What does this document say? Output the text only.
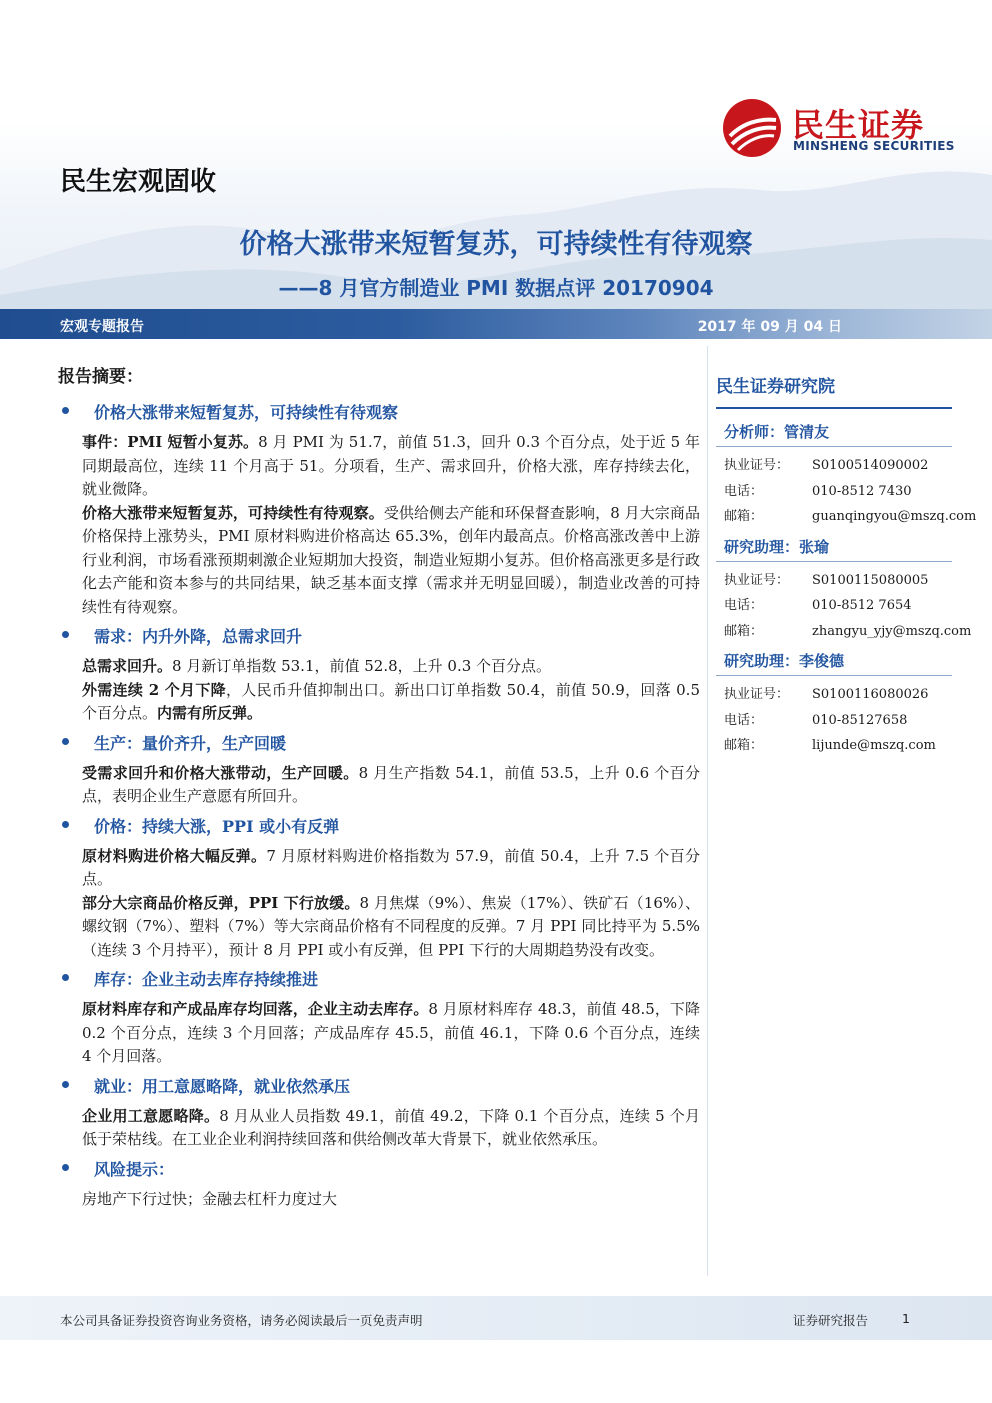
民生证券
MINSHENG SECURITIES
民生宏观固收
价格大涨带来短暂复苏，可持续性有待观察
——8 月官方制造业 PMI 数据点评 20170904
宏观专题报告	2017 年 09 月 04 日
报告摘要：
价格大涨带来短暂复苏，可持续性有待观察

事件：PMI 短暂小复苏。8 月 PMI 为 51.7，前值 51.3，回升 0.3 个百分点，处于近 5 年同期最高位，连续 11 个月高于 51。分项看，生产、需求回升，价格大涨，库存持续去化，就业微降。

价格大涨带来短暂复苏，可持续性有待观察。受供给侧去产能和环保督查影响，8 月大宗商品价格保持上涨势头，PMI 原材料购进价格高达 65.3%，创年内最高点。价格高涨改善中上游行业利润，市场看涨预期刺激企业短期加大投资，制造业短期小复苏。但价格高涨更多是行政化去产能和资本参与的共同结果，缺乏基本面支撑（需求并无明显回暖），制造业改善的可持续性有待观察。

需求：内升外降，总需求回升

总需求回升。8 月新订单指数 53.1，前值 52.8，上升 0.3 个百分点。

外需连续 2 个月下降，人民币升值抑制出口。新出口订单指数 50.4，前值 50.9，回落 0.5 个百分点。内需有所反弹。

生产：量价齐升，生产回暖

受需求回升和价格大涨带动，生产回暖。8 月生产指数 54.1，前值 53.5，上升 0.6 个百分点，表明企业生产意愿有所回升。

价格：持续大涨，PPI 或小有反弹

原材料购进价格大幅反弹。7 月原材料购进价格指数为 57.9，前值 50.4，上升 7.5 个百分点。

部分大宗商品价格反弹，PPI 下行放缓。8 月焦煤（9%）、焦炭（17%）、铁矿石（16%）、螺纹钢（7%）、塑料（7%）等大宗商品价格有不同程度的反弹。7 月 PPI 同比持平为 5.5%（连续 3 个月持平），预计 8 月 PPI 或小有反弹，但 PPI 下行的大周期趋势没有改变。

库存：企业主动去库存持续推进

原材料库存和产成品库存均回落，企业主动去库存。8 月原材料库存 48.3，前值 48.5，下降 0.2 个百分点，连续 3 个月回落；产成品库存 45.5，前值 46.1，下降 0.6 个百分点，连续 4 个月回落。

就业：用工意愿略降，就业依然承压

企业用工意愿略降。8 月从业人员指数 49.1，前值 49.2，下降 0.1 个百分点，连续 5 个月低于荣枯线。在工业企业利润持续回落和供给侧改革大背景下，就业依然承压。

风险提示：

房地产下行过快；金融去杠杆力度过大

民生证券研究院
分析师：管清友
执业证号：	S0100514090002
电话：	010-8512 7430
邮箱：	guanqingyou@mszq.com
研究助理：张瑜
执业证号：	S0100115080005
电话：	010-8512 7654
邮箱：	zhangyu_yjy@mszq.com
研究助理：李俊德
执业证号：	S0100116080026
电话：	010-85127658
邮箱：	lijunde@mszq.com
本公司具备证券投资咨询业务资格，请务必阅读最后一页免责声明	证券研究报告	1
